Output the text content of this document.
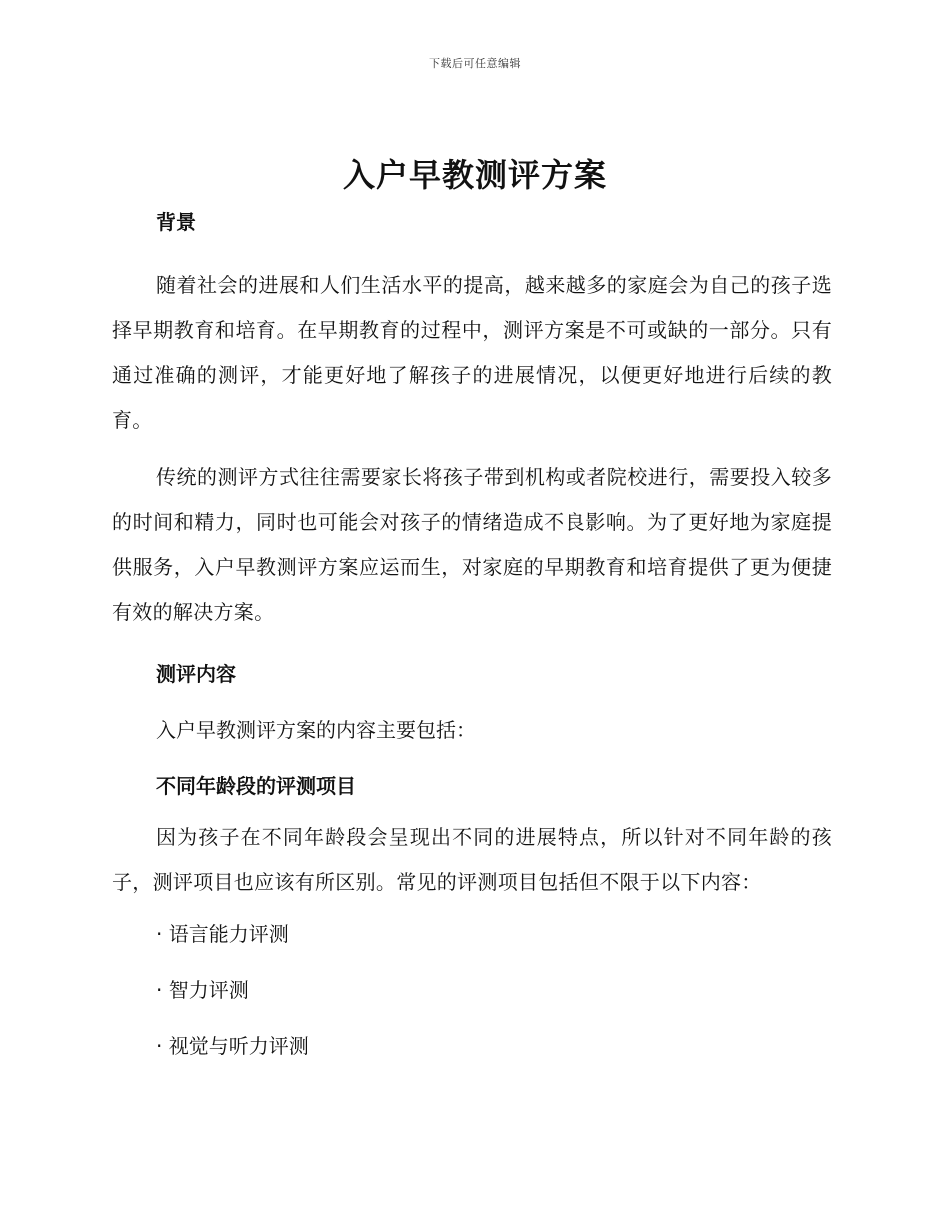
下载后可任意编辑
入户早教测评方案
背景

随着社会的进展和人们生活水平的提高，越来越多的家庭会为自己的孩子选择早期教育和培育。在早期教育的过程中，测评方案是不可或缺的一部分。只有通过准确的测评，才能更好地了解孩子的进展情况，以便更好地进行后续的教育。

传统的测评方式往往需要家长将孩子带到机构或者院校进行，需要投入较多的时间和精力，同时也可能会对孩子的情绪造成不良影响。为了更好地为家庭提供服务，入户早教测评方案应运而生，对家庭的早期教育和培育提供了更为便捷有效的解决方案。

测评内容
入户早教测评方案的内容主要包括：
不同年龄段的评测项目

因为孩子在不同年龄段会呈现出不同的进展特点，所以针对不同年龄的孩子，测评项目也应该有所区别。常见的评测项目包括但不限于以下内容：

· 语言能力评测
· 智力评测
· 视觉与听力评测
